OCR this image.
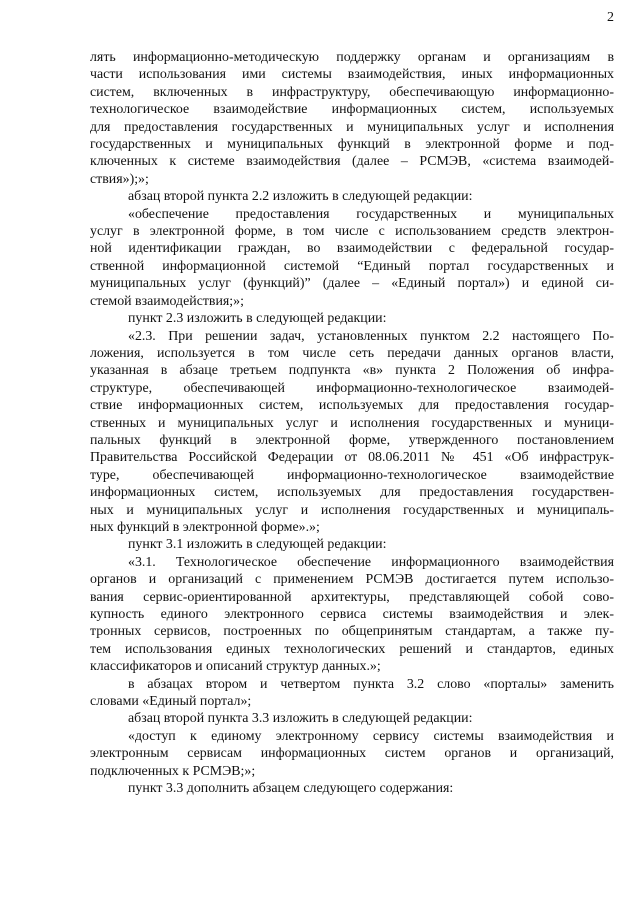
2

лять информационно-методическую поддержку органам и организациям в
части использования ими системы взаимодействия, иных информационных
систем, включенных в инфраструктуру, обеспечивающую информационно-
технологическое взаимодействие информационных систем, используемых
для предоставления государственных и муниципальных услуг и исполнения
государственных и муниципальных функций в электронной форме и под-
ключенных к системе взаимодействия (далее – РСМЭВ, «система взаимодей-
ствия»);»;

абзац второй пункта 2.2 изложить в следующей редакции:

«обеспечение предоставления государственных и муниципальных
услуг в электронной форме, в том числе с использованием средств электрон-
ной идентификации граждан, во взаимодействии с федеральной государ-
ственной информационной системой “Единый портал государственных и
муниципальных услуг (функций)” (далее – «Единый портал») и единой си-
стемой взаимодействия;»;

пункт 2.3 изложить в следующей редакции:

«2.3. При решении задач, установленных пунктом 2.2 настоящего По-
ложения, используется в том числе сеть передачи данных органов власти,
указанная в абзаце третьем подпункта «в» пункта 2 Положения об инфра-
структуре, обеспечивающей информационно-технологическое взаимодей-
ствие информационных систем, используемых для предоставления государ-
ственных и муниципальных услуг и исполнения государственных и муници-
пальных функций в электронной форме, утвержденного постановлением
Правительства Российской Федерации от 08.06.2011 № 451 «Об инфраструк-
туре, обеспечивающей информационно-технологическое взаимодействие
информационных систем, используемых для предоставления государствен-
ных и муниципальных услуг и исполнения государственных и муниципаль-
ных функций в электронной форме».»;

пункт 3.1 изложить в следующей редакции:

«3.1. Технологическое обеспечение информационного взаимодействия
органов и организаций с применением РСМЭВ достигается путем использо-
вания сервис-ориентированной архитектуры, представляющей собой сово-
купность единого электронного сервиса системы взаимодействия и элек-
тронных сервисов, построенных по общепринятым стандартам, а также пу-
тем использования единых технологических решений и стандартов, единых
классификаторов и описаний структур данных.»;

в абзацах втором и четвертом пункта 3.2 слово «порталы» заменить
словами «Единый портал»;

абзац второй пункта 3.3 изложить в следующей редакции:

«доступ к единому электронному сервису системы взаимодействия и
электронным сервисам информационных систем органов и организаций,
подключенных к РСМЭВ;»;

пункт 3.3 дополнить абзацем следующего содержания:
